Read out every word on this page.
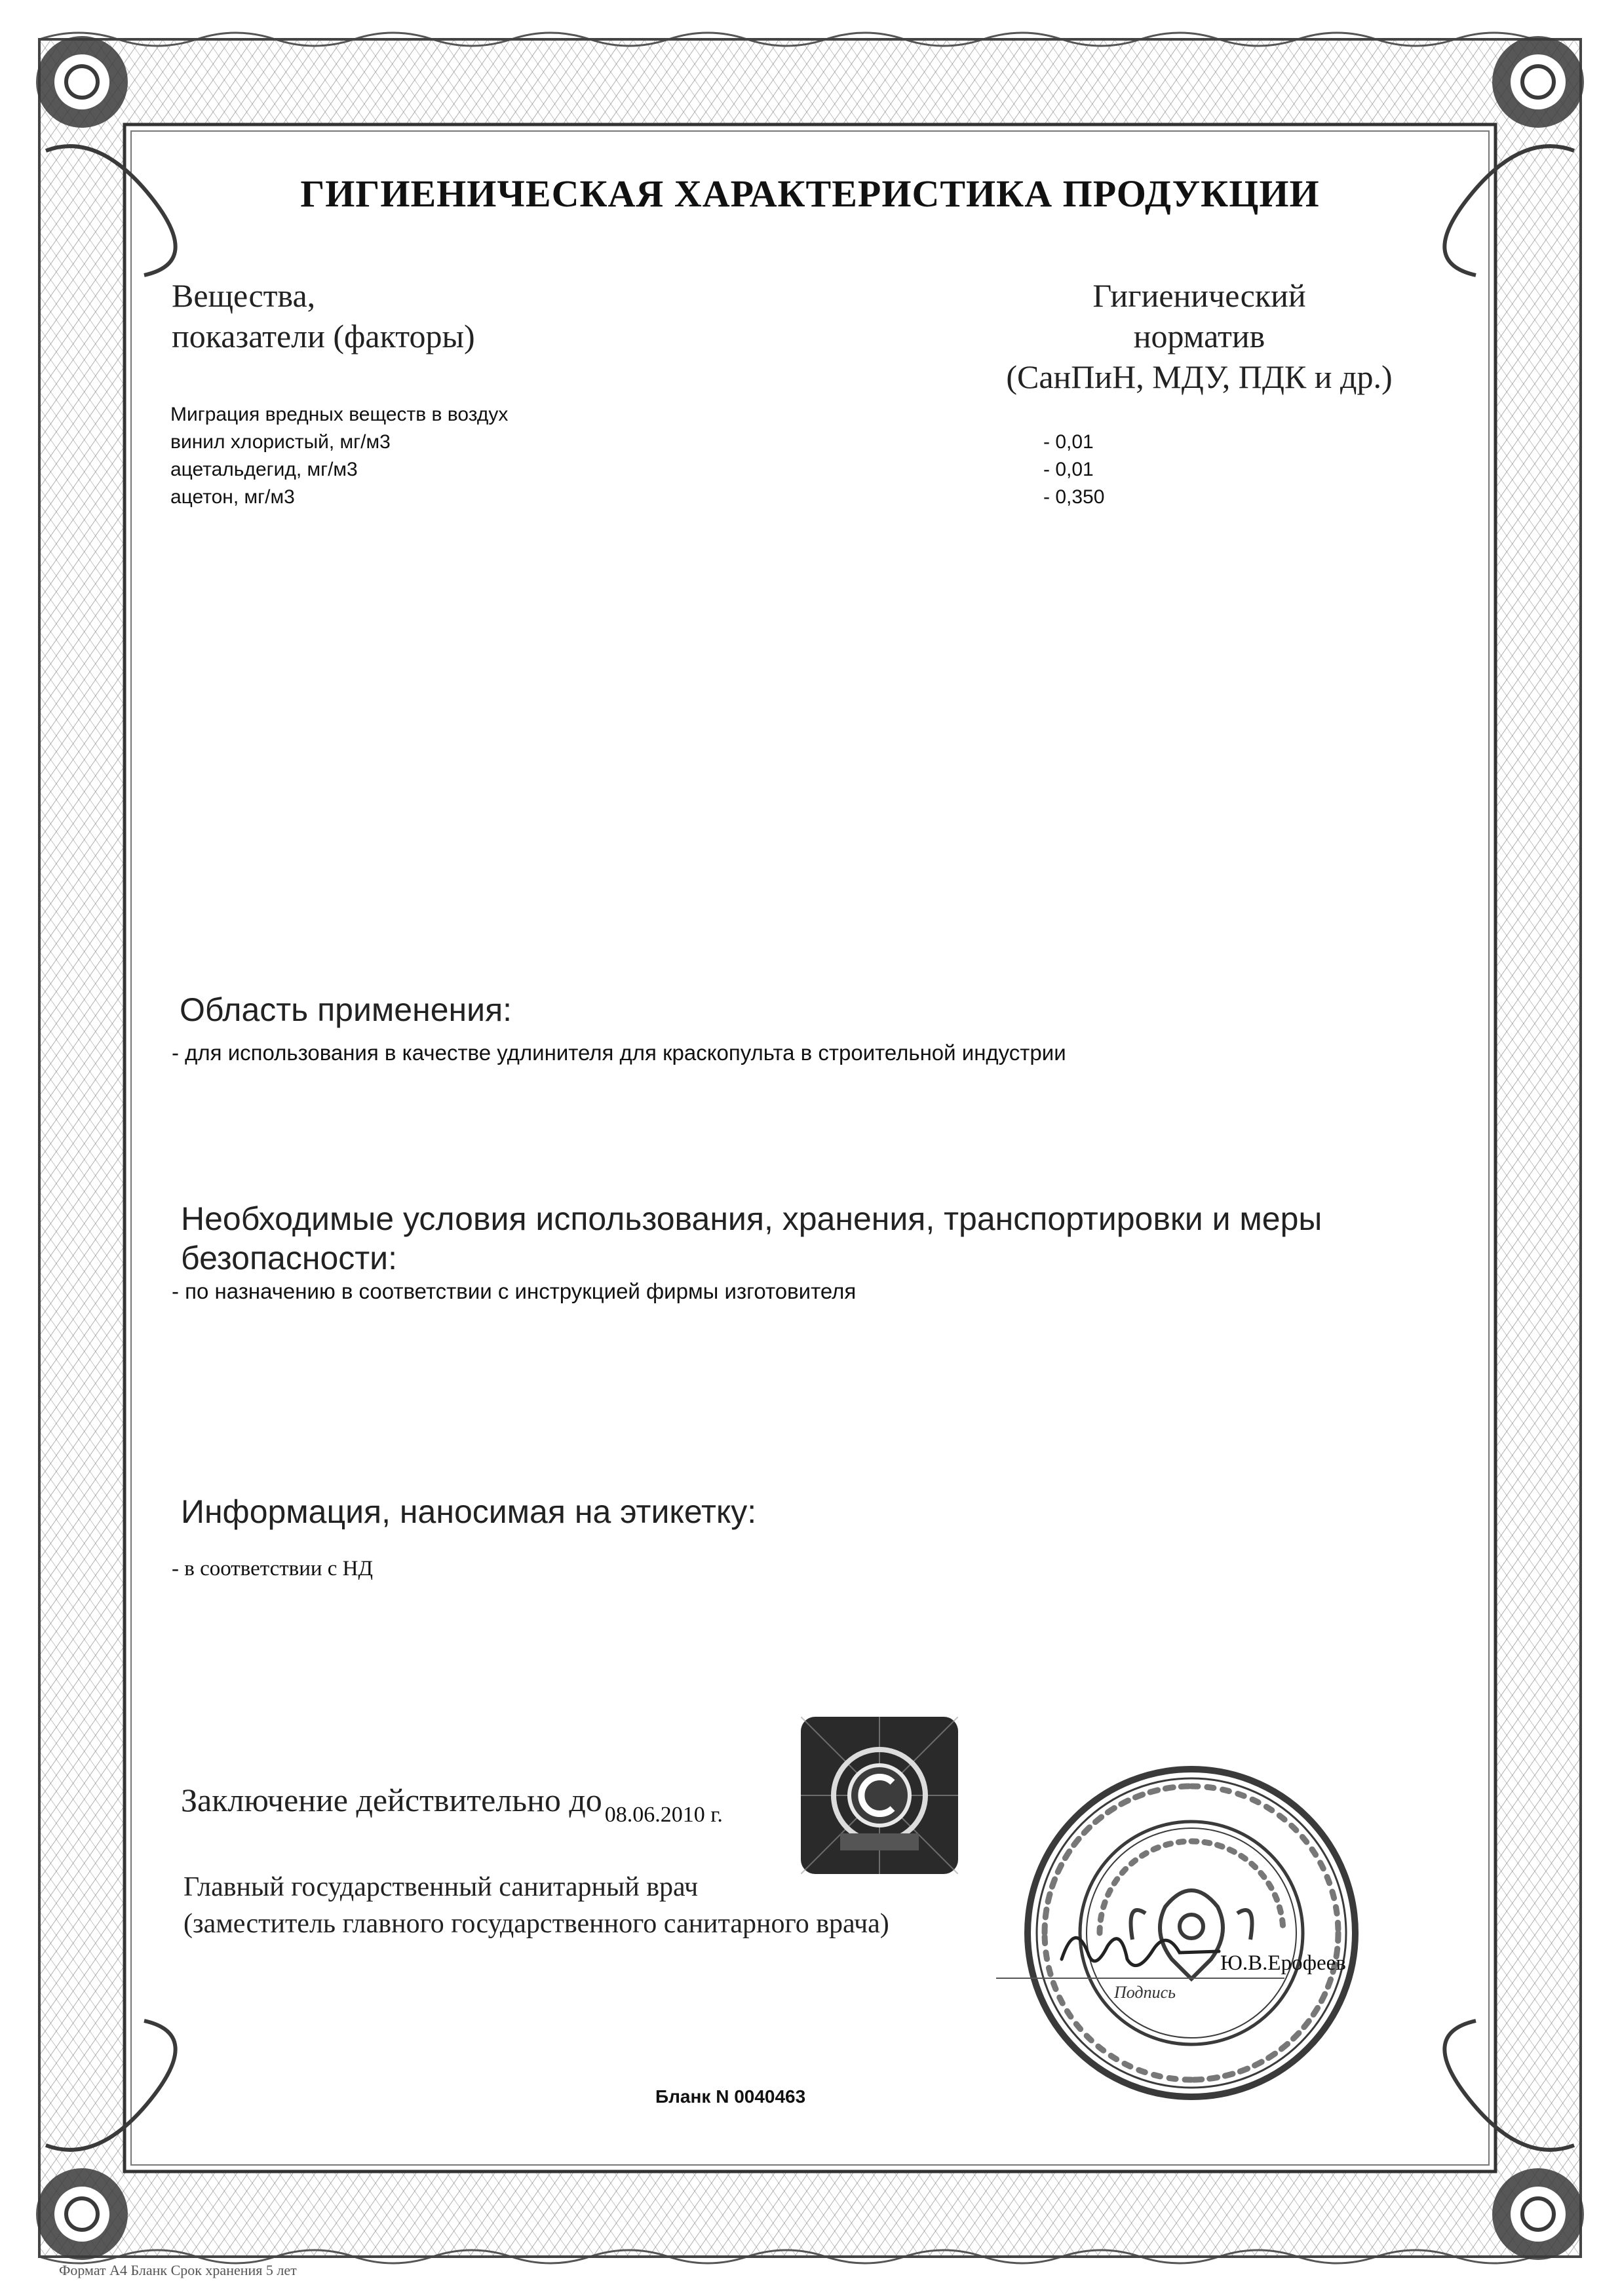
ГИГИЕНИЧЕСКАЯ ХАРАКТЕРИСТИКА ПРОДУКЦИИ
Вещества,
показатели (факторы)
Гигиенический
норматив
(СанПиН, МДУ, ПДК и др.)
Миграция вредных веществ в воздух
винил хлористый, мг/м3
ацетальдегид, мг/м3
ацетон, мг/м3
- 0,01
- 0,01
- 0,350
Область применения:
- для использования в качестве удлинителя для краскопульта в строительной индустрии
Необходимые условия использования, хранения, транспортировки и меры
безопасности:
- по назначению в соответствии с инструкцией фирмы изготовителя
Информация, наносимая на этикетку:
- в соответствии с НД
Заключение действительно до $_{08.06.2010 г.}$
Главный государственный санитарный врач
(заместитель главного государственного санитарного врача)
Ю.В.Ерофеев
Подпись
Бланк N 0040463
Формат А4 Бланк Срок хранения 5 лет
